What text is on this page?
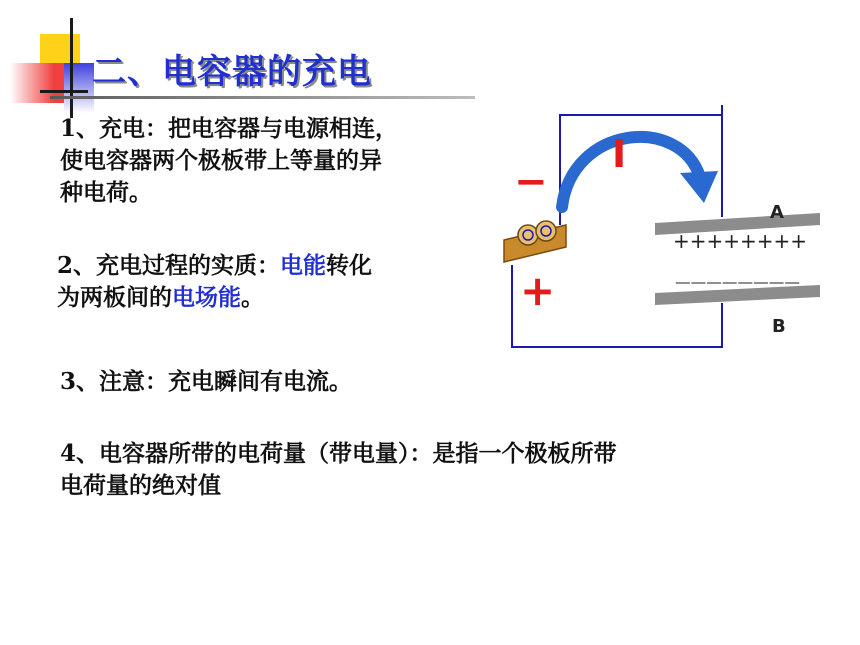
二、电容器的充电
1、充电：把电容器与电源相连，
使电容器两个极板带上等量的异
种电荷。
2、充电过程的实质：电能转化
为两板间的电场能。
3、注意：充电瞬间有电流。
4、电容器所带的电荷量（带电量）：是指一个极板所带
电荷量的绝对值
I
−
+
A
B
++++++++
————————
